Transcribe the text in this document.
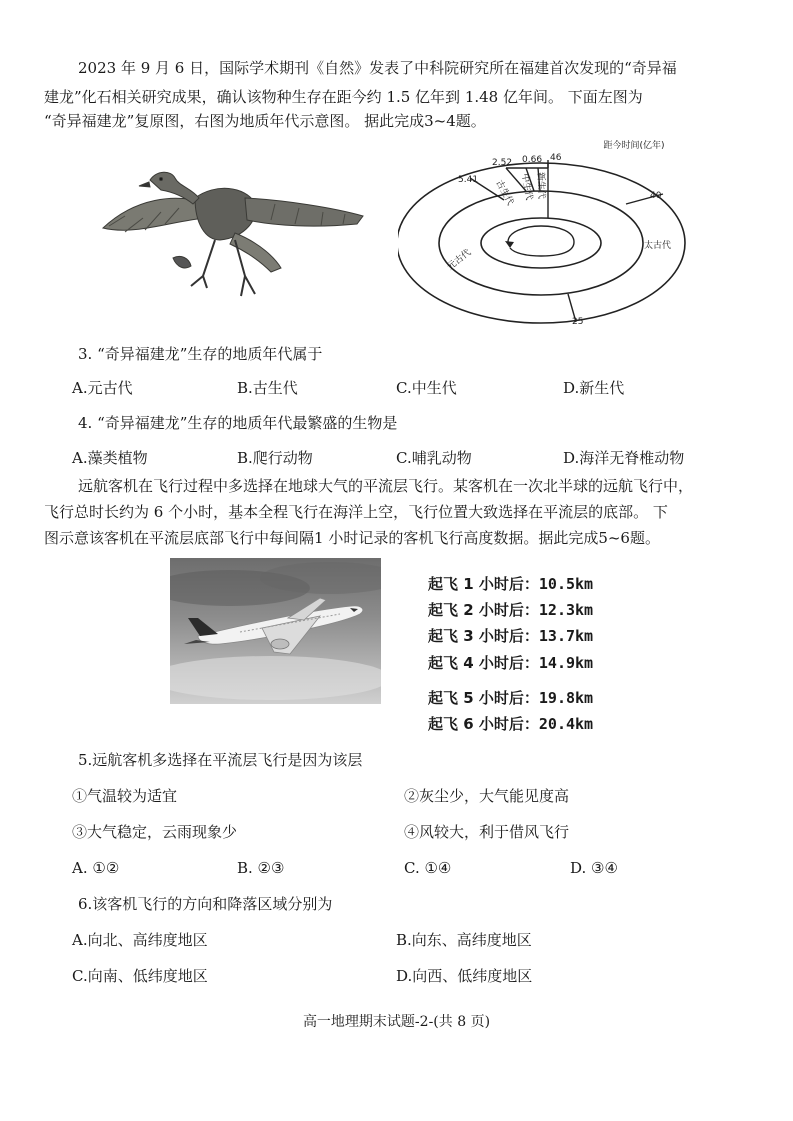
2023 年 9 月 6 日，国际学术期刊《自然》发表了中科院研究所在福建首次发现的“奇异福
建龙”化石相关研究成果，确认该物种生存在距今约 1.5 亿年到 1.48 亿年间。 下面左图为
“奇异福建龙”复原图，右图为地质年代示意图。 据此完成3~4题。
距今时间(亿年)
5.41
2.52 0.66 46
40
25
古生代 中生代 新生代
太古代
元古代
3. “奇异福建龙”生存的地质年代属于
A.元古代	B.古生代	C.中生代	D.新生代
4. “奇异福建龙”生存的地质年代最繁盛的生物是
A.藻类植物	B.爬行动物	C.哺乳动物	D.海洋无脊椎动物
远航客机在飞行过程中多选择在地球大气的平流层飞行。某客机在一次北半球的远航飞行中，
飞行总时长约为 6 个小时，基本全程飞行在海洋上空，飞行位置大致选择在平流层的底部。 下
图示意该客机在平流层底部飞行中每间隔1 小时记录的客机飞行高度数据。据此完成5~6题。
起飞 1 小时后：10.5km
起飞 2 小时后：12.3km
起飞 3 小时后：13.7km
起飞 4 小时后：14.9km
起飞 5 小时后：19.8km
起飞 6 小时后：20.4km
5.远航客机多选择在平流层飞行是因为该层
①气温较为适宜	②灰尘少，大气能见度高
③大气稳定，云雨现象少	④风较大，利于借风飞行
A. ①②	B. ②③	C. ①④	D. ③④
6.该客机飞行的方向和降落区域分别为
A.向北、高纬度地区	B.向东、高纬度地区
C.向南、低纬度地区	D.向西、低纬度地区
高一地理期末试题-2-(共 8 页)
